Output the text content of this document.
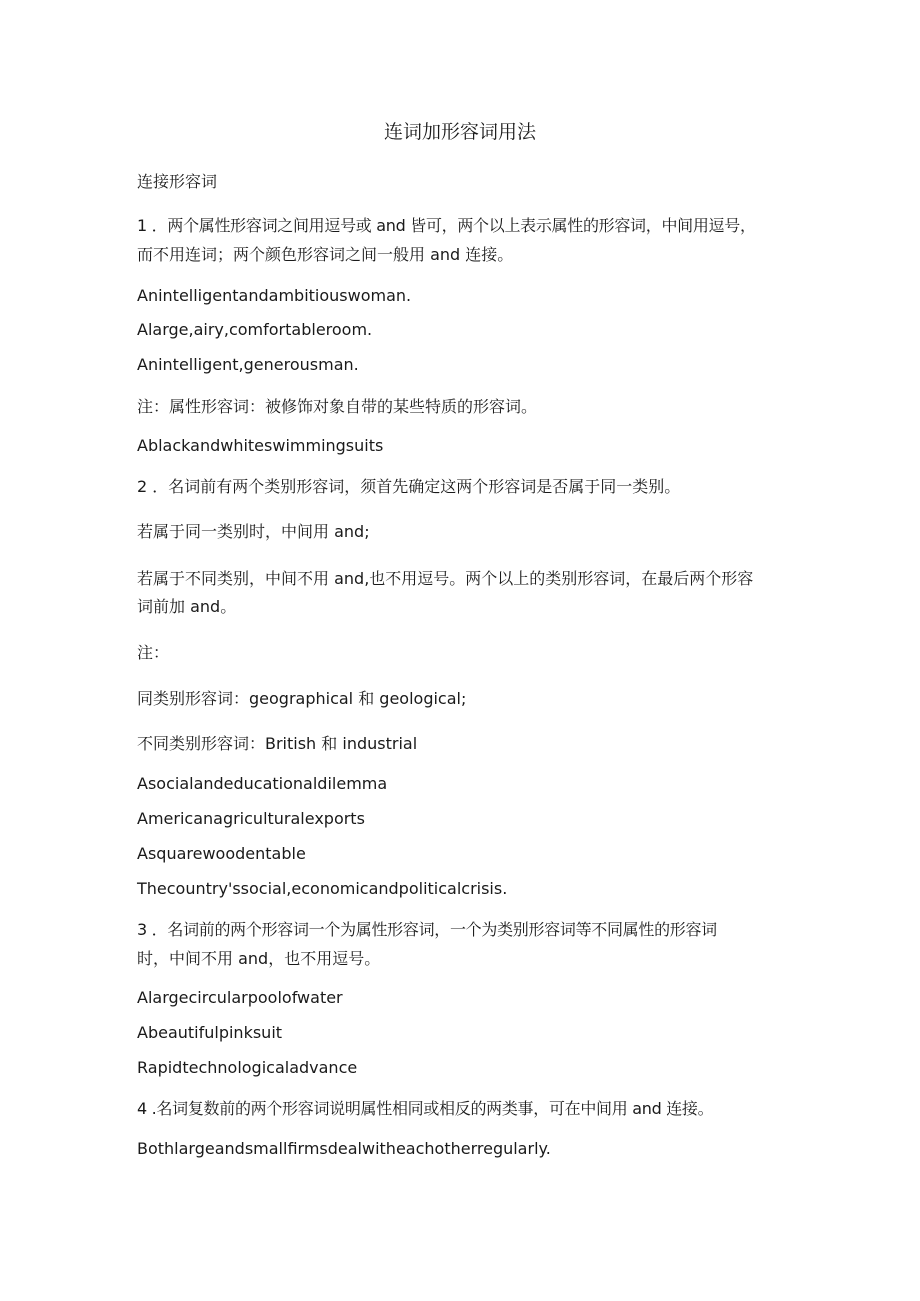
连词加形容词用法
连接形容词
1 ．两个属性形容词之间用逗号或 and 皆可，两个以上表示属性的形容词，中间用逗号，
而不用连词；两个颜色形容词之间一般用 and 连接。
Anintelligentandambitiouswoman.
Alarge,airy,comfortableroom.
Anintelligent,generousman.
注：属性形容词：被修饰对象自带的某些特质的形容词。
Ablackandwhiteswimmingsuits
2 ．名词前有两个类别形容词，须首先确定这两个形容词是否属于同一类别。
若属于同一类别时，中间用 and;
若属于不同类别，中间不用 and,也不用逗号。两个以上的类别形容词，在最后两个形容
词前加 and。
注：
同类别形容词：geographical 和 geological;
不同类别形容词：British 和 industrial
Asocialandeducationaldilemma
Americanagriculturalexports
Asquarewoodentable
Thecountry'ssocial,economicandpoliticalcrisis.
3 ．名词前的两个形容词一个为属性形容词，一个为类别形容词等不同属性的形容词
时，中间不用 and，也不用逗号。
Alargecircularpoolofwater
Abeautifulpinksuit
Rapidtechnologicaladvance
4 .名词复数前的两个形容词说明属性相同或相反的两类事，可在中间用 and 连接。
Bothlargeandsmallfirmsdealwitheachotherregularly.
